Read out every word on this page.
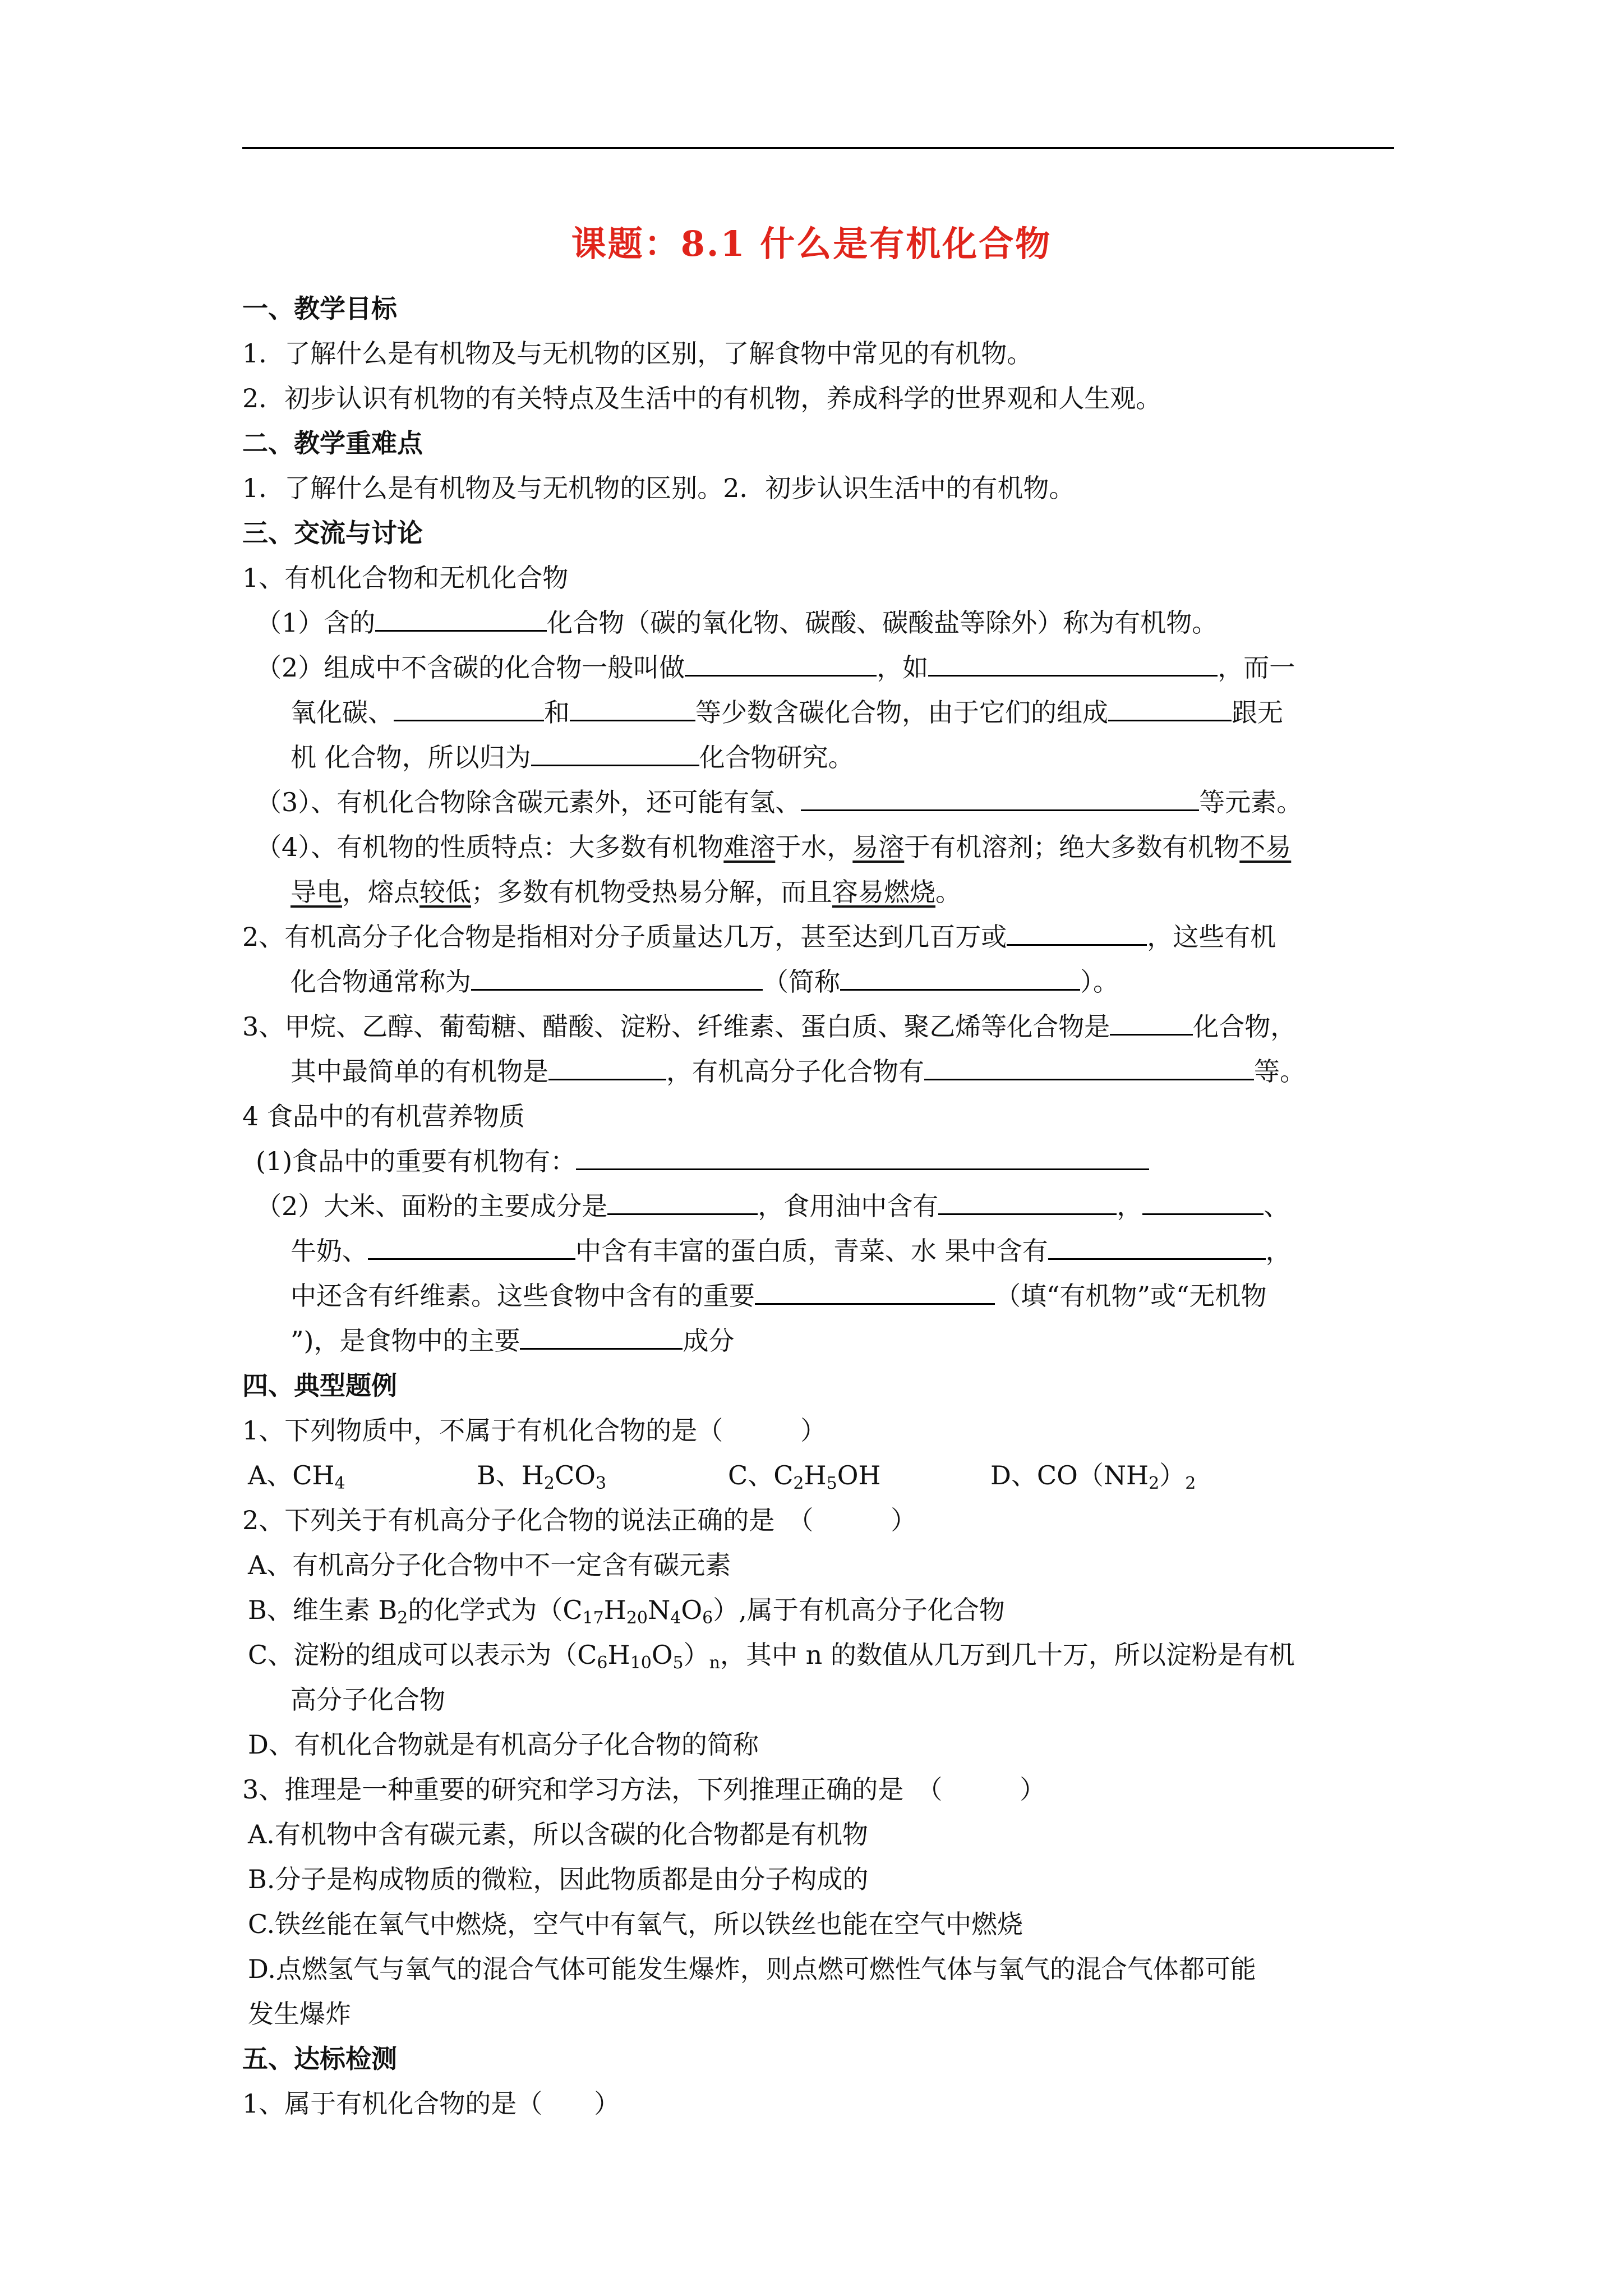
课题：8.1 什么是有机化合物
一、教学目标
1．了解什么是有机物及与无机物的区别，了解食物中常见的有机物。
2．初步认识有机物的有关特点及生活中的有机物，养成科学的世界观和人生观。
二、教学重难点
1．了解什么是有机物及与无机物的区别。2．初步认识生活中的有机物。
三、交流与讨论
1、有机化合物和无机化合物
（1）含的	化合物（碳的氧化物、碳酸、碳酸盐等除外）称为有机物。
（2）组成中不含碳的化合物一般叫做	，如	，而一
氧化碳、	和	等少数含碳化合物，由于它们的组成	跟无
机 化合物，所以归为	化合物研究。
（3）、有机化合物除含碳元素外，还可能有氢、	等元素。
（4）、有机物的性质特点：大多数有机物难溶于水，易溶于有机溶剂；绝大多数有机物不易
导电，熔点较低；多数有机物受热易分解，而且容易燃烧。
2、有机高分子化合物是指相对分子质量达几万，甚至达到几百万或	，这些有机
化合物通常称为	（简称	）。
3、甲烷、乙醇、葡萄糖、醋酸、淀粉、纤维素、蛋白质、聚乙烯等化合物是	化合物，
其中最简单的有机物是	，有机高分子化合物有	等。
4 食品中的有机营养物质
(1)食品中的重要有机物有：
（2）大米、面粉的主要成分是	，食用油中含有	，	、
牛奶、	中含有丰富的蛋白质，青菜、水 果中含有	，
中还含有纤维素。这些食物中含有的重要	（填“有机物”或“无机物
”)，是食物中的主要	成分
四、典型题例
1、下列物质中，不属于有机化合物的是（　　　）
A、$CH_4$	B、$H_2CO_3$	C、$C_2H_5OH$	D、$CO(NH_2)_2$
2、下列关于有机高分子化合物的说法正确的是　（　　　）
A、有机高分子化合物中不一定含有碳元素
B、维生素 $B_2$的化学式为$(C_{17}H_{20}N_4O_6)$,属于有机高分子化合物
C、淀粉的组成可以表示为$(C_6H_{10}O_5)_n$，其中 n 的数值从几万到几十万，所以淀粉是有机
高分子化合物
D、有机化合物就是有机高分子化合物的简称
3、推理是一种重要的研究和学习方法，下列推理正确的是　（　　　）
A.有机物中含有碳元素，所以含碳的化合物都是有机物
B.分子是构成物质的微粒，因此物质都是由分子构成的
C.铁丝能在氧气中燃烧，空气中有氧气，所以铁丝也能在空气中燃烧
D.点燃氢气与氧气的混合气体可能发生爆炸，则点燃可燃性气体与氧气的混合气体都可能
发生爆炸
五、达标检测
1、属于有机化合物的是（　　）
